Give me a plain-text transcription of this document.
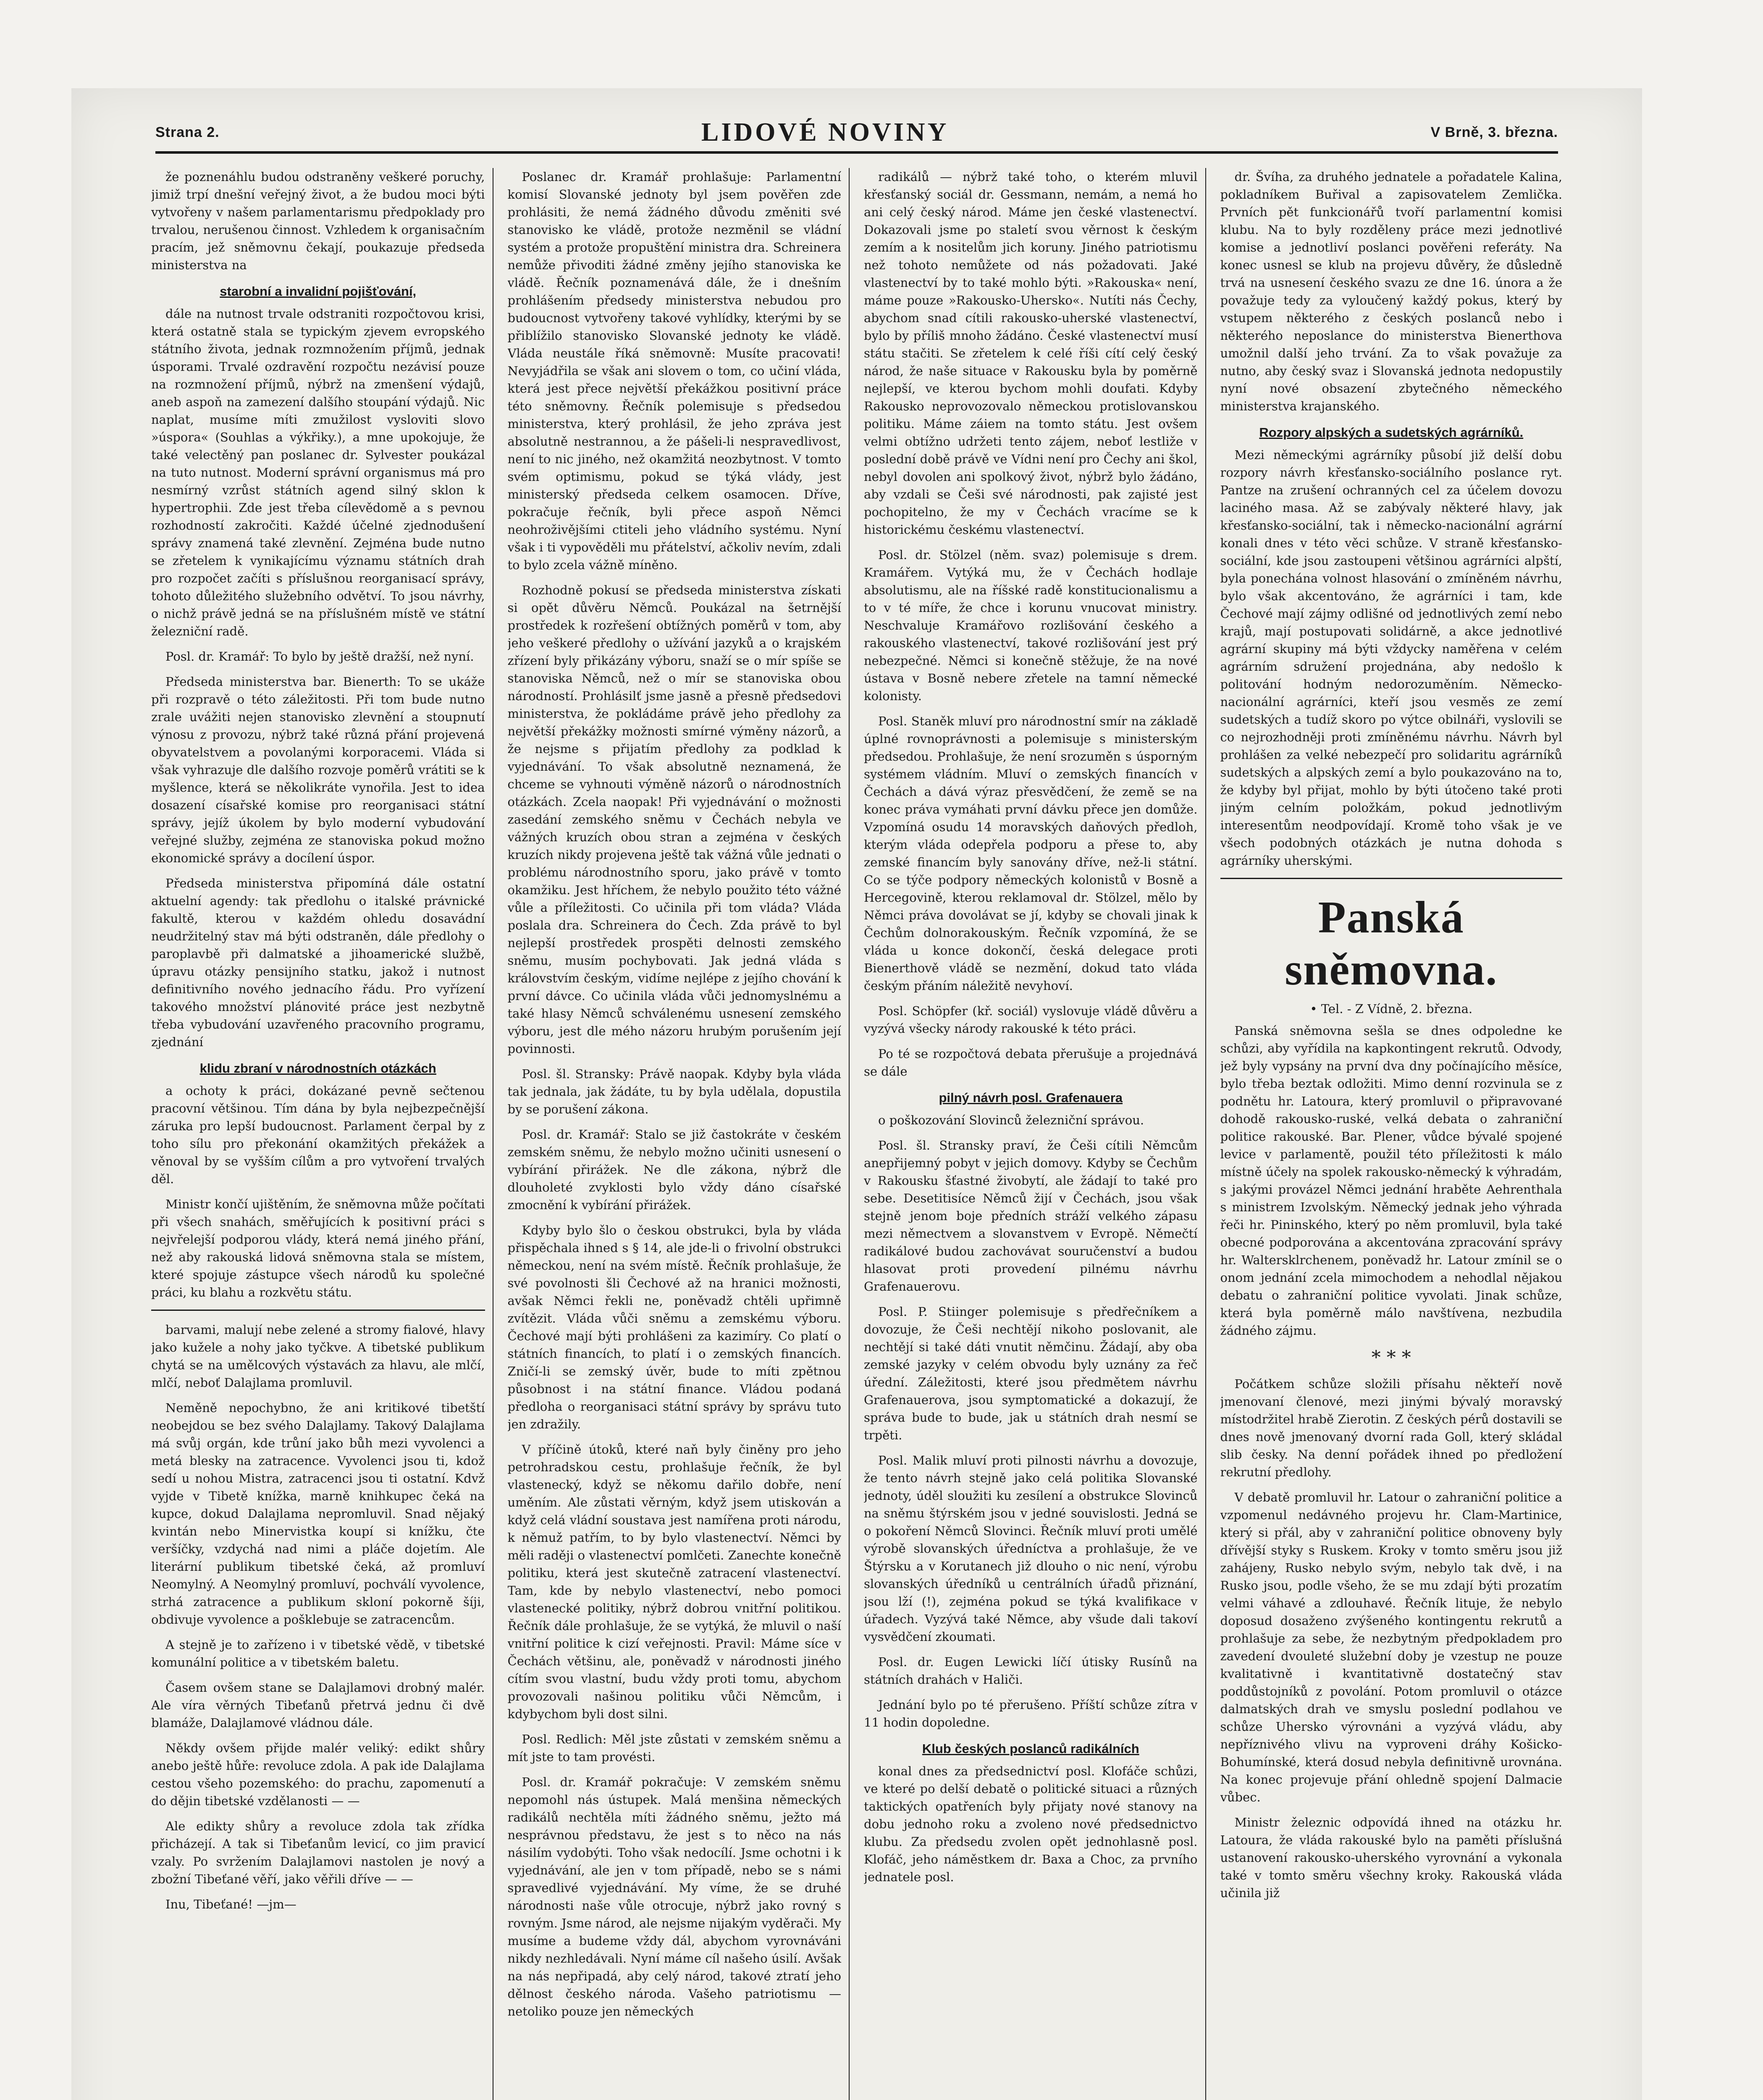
Strana 2.	LIDOVÉ NOVINY	V Brně, 3. března.

že poznenáhlu budou odstraněny veškeré poruchy, jimiž trpí dnešní veřejný život, a že budou moci býti vytvořeny v našem parlamentarismu předpoklady pro trvalou, nerušenou činnost. Vzhledem k organisačním pracím, jež sněmovnu čekají, poukazuje předseda ministerstva na

starobní a invalidní pojišťování,

dále na nutnost trvale odstraniti rozpočtovou krisi, která ostatně stala se typickým zjevem evropského státního života, jednak rozmnožením příjmů, jednak úsporami. Trvalé ozdravění rozpočtu nezávisí pouze na rozmnožení příjmů, nýbrž na zmenšení výdajů, aneb aspoň na zamezení dalšího stoupání výdajů. Nic naplat, musíme míti zmužilost vysloviti slovo »úspora« (Souhlas a výkřiky.), a mne upokojuje, že také velectěný pan poslanec dr. Sylvester poukázal na tuto nutnost. Moderní správní organismus má pro nesmírný vzrůst státních agend silný sklon k hypertrophii. Zde jest třeba cílevědomě a s pevnou rozhodností zakročiti. Každé účelné zjednodušení správy znamená také zlevnění. Zejména bude nutno se zřetelem k vynikajícímu významu státních drah pro rozpočet začíti s příslušnou reorganisací správy, tohoto důležitého služebního odvětví. To jsou návrhy, o nichž právě jedná se na příslušném místě ve státní železniční radě.

Posl. dr. Kramář: To bylo by ještě dražší, než nyní.

Předseda ministerstva bar. Bienerth: To se ukáže při rozpravě o této záležitosti. Při tom bude nutno zrale uvážiti nejen stanovisko zlevnění a stoupnutí výnosu z provozu, nýbrž také různá přání projevená obyvatelstvem a povolanými korporacemi. Vláda si však vyhrazuje dle dalšího rozvoje poměrů vrátiti se k myšlence, která se několikráte vynořila. Jest to idea dosazení císařské komise pro reorganisaci státní správy, jejíž úkolem by bylo moderní vybudování veřejné služby, zejména ze stanoviska pokud možno ekonomické správy a docílení úspor.

Předseda ministerstva připomíná dále ostatní aktuelní agendy: tak předlohu o italské právnické fakultě, kterou v každém ohledu dosavádní neudržitelný stav má býti odstraněn, dále předlohy o paroplavbě při dalmatské a jihoamerické službě, úpravu otázky pensijního statku, jakož i nutnost definitivního nového jednacího řádu. Pro vyřízení takového množství plánovité práce jest nezbytně třeba vybudování uzavřeného pracovního programu, zjednání

klidu zbraní v národnostních otázkách

a ochoty k práci, dokázané pevně sečtenou pracovní většinou. Tím dána by byla nejbezpečnější záruka pro lepší budoucnost. Parlament čerpal by z toho sílu pro překonání okamžitých překážek a věnoval by se vyšším cílům a pro vytvoření trvalých děl.

Ministr končí ujištěním, že sněmovna může počítati při všech snahách, směřujících k positivní práci s nejvřelejší podporou vlády, která nemá jiného přání, než aby rakouská lidová sněmovna stala se místem, které spojuje zástupce všech národů ku společné práci, ku blahu a rozkvětu státu.

barvami, malují nebe zelené a stromy fialové, hlavy jako kužele a nohy jako tyčkve. A tibetské publikum chytá se na umělcových výstavách za hlavu, ale mlčí, mlčí, neboť Dalajlama promluvil.

Neměně nepochybno, že ani kritikové tibetští neobejdou se bez svého Dalajlamy. Takový Dalajlama má svůj orgán, kde trůní jako bůh mezi vyvolenci a metá blesky na zatracence. Vyvolenci jsou ti, kdož sedí u nohou Mistra, zatracenci jsou ti ostatní. Kdvž vyjde v Tibetě knížka, marně knihkupec čeká na kupce, dokud Dalajlama nepromluvil. Snad nějaký kvintán nebo Minervistka koupí si knížku, čte veršíčky, vzdychá nad nimi a pláče dojetím. Ale literární publikum tibetské čeká, až promluví Neomylný. A Neomylný promluví, pochválí vyvolence, strhá zatracence a publikum skloní pokorně šíji, obdivuje vyvolence a pošklebuje se zatracencům.

A stejně je to zařízeno i v tibetské vědě, v tibetské komunální politice a v tibetském baletu.

Časem ovšem stane se Dalajlamovi drobný malér. Ale víra věrných Tibeťanů přetrvá jednu či dvě blamáže, Dalajlamové vládnou dále.

Někdy ovšem přijde malér veliký: edikt shůry anebo ještě hůře: revoluce zdola. A pak ide Dalajlama cestou všeho pozemského: do prachu, zapomenutí a do dějin tibetské vzdělanosti — —

Ale edikty shůry a revoluce zdola tak zřídka přicházejí. A tak si Tibeťanům levicí, co jim pravicí vzaly. Po svržením Dalajlamovi nastolen je nový a zbožní Tibeťané věří, jako věřili dříve — —

Inu, Tibeťané! —jm—

Poslanec dr. Kramář prohlašuje: Parlamentní komisí Slovanské jednoty byl jsem pověřen zde prohlásiti, že nemá žádného důvodu změniti své stanovisko ke vládě, protože nezměnil se vládní systém a protože propuštění ministra dra. Schreinera nemůže přivoditi žádné změny jejího stanoviska ke vládě. Řečník poznamenává dále, že i dnešním prohlášením předsedy ministerstva nebudou pro budoucnost vytvořeny takové vyhlídky, kterými by se přiblížilo stanovisko Slovanské jednoty ke vládě. Vláda neustále říká sněmovně: Musíte pracovati! Nevyjádřila se však ani slovem o tom, co učiní vláda, která jest přece největší překážkou positivní práce této sněmovny. Řečník polemisuje s předsedou ministerstva, který prohlásil, že jeho zpráva jest absolutně nestrannou, a že pášeli-li nespravedlivost, není to nic jiného, než okamžitá neozbytnost. V tomto svém optimismu, pokud se týká vlády, jest ministerský předseda celkem osamocen. Dříve, pokračuje řečník, byli přece aspoň Němci neohroživějšími ctiteli jeho vládního systému. Nyní však i ti vypověděli mu přátelství, ačkoliv nevím, zdali to bylo zcela vážně míněno.

Rozhodně pokusí se předseda ministerstva získati si opět důvěru Němců. Poukázal na šetrnější prostředek k rozřešení obtížných poměrů v tom, aby jeho veškeré předlohy o užívání jazyků a o krajském zřízení byly přikázány výboru, snaží se o mír spíše se stanoviska Němců, než o mír se stanoviska obou národností. Prohlásilť jsme jasně a přesně předsedovi ministerstva, že pokládáme právě jeho předlohy za největší překážky možnosti smírné výměny názorů, a že nejsme s přijatím předlohy za podklad k vyjednávání. To však absolutně neznamená, že chceme se vyhnouti výměně názorů o národnostních otázkách. Zcela naopak! Při vyjednávání o možnosti zasedání zemského sněmu v Čechách nebyla ve vážných kruzích obou stran a zejména v českých kruzích nikdy projevena ještě tak vážná vůle jednati o problému národnostního sporu, jako právě v tomto okamžiku. Jest hříchem, že nebylo použito této vážné vůle a příležitosti. Co učinila při tom vláda? Vláda poslala dra. Schreinera do Čech. Zda právě to byl nejlepší prostředek prospěti delnosti zemského sněmu, musím pochybovati. Jak jedná vláda s královstvím českým, vidíme nejlépe z jejího chování k první dávce. Co učinila vláda vůči jednomyslnému a také hlasy Němců schválenému usnesení zemského výboru, jest dle mého názoru hrubým porušením její povinnosti.

Posl. šl. Stransky: Právě naopak. Kdyby byla vláda tak jednala, jak žádáte, tu by byla udělala, dopustila by se porušení zákona.

Posl. dr. Kramář: Stalo se již častokráte v českém zemském sněmu, že nebylo možno učiniti usnesení o vybírání přirážek. Ne dle zákona, nýbrž dle dlouholeté zvyklosti bylo vždy dáno císařské zmocnění k vybírání přirážek.

Kdyby bylo šlo o českou obstrukci, byla by vláda přispěchala ihned s § 14, ale jde-li o frivolní obstrukci německou, není na svém místě. Řečník prohlašuje, že své povolnosti šli Čechové až na hranici možnosti, avšak Němci řekli ne, poněvadž chtěli upřimně zvítězit. Vláda vůči sněmu a zemskému výboru. Čechové mají býti prohlášeni za kazimíry. Co platí o státních financích, to platí i o zemských financích. Zničí-li se zemský úvěr, bude to míti zpětnou působnost i na státní finance. Vládou podaná předloha o reorganisaci státní správy by správu tuto jen zdražily.

V příčině útoků, které naň byly činěny pro jeho petrohradskou cestu, prohlašuje řečník, že byl vlastenecký, když se někomu dařilo dobře, není uměním. Ale zůstati věrným, když jsem utiskován a když celá vládní soustava jest namířena proti národu, k němuž patřím, to by bylo vlastenectví. Němci by měli raději o vlastenectví pomlčeti. Zanechte konečně politiku, která jest skutečně zatracení vlastenectví. Tam, kde by nebylo vlastenectví, nebo pomoci vlastenecké politiky, nýbrž dobrou vnitřní politikou. Řečník dále prohlašuje, že se vytýká, že mluvil o naší vnitřní politice k cizí veřejnosti. Pravil: Máme síce v Čechách většinu, ale, poněvadž v národnosti jiného cítím svou vlastní, budu vždy proti tomu, abychom provozovali našinou politiku vůči Němcům, i kdybychom byli dost silni.

Posl. Redlich: Měl jste zůstati v zemském sněmu a mít jste to tam provésti.

Posl. dr. Kramář pokračuje: V zemském sněmu nepomohl nás ústupek. Malá menšina německých radikálů nechtěla míti žádného sněmu, ježto má nesprávnou představu, že jest s to něco na nás násilím vydobýti. Toho však nedocílí. Jsme ochotni i k vyjednávání, ale jen v tom případě, nebo se s námi spravedlivé vyjednávání. My víme, že se druhé národnosti naše vůle otrocuje, nýbrž jako rovný s rovným. Jsme národ, ale nejsme nijakým vyděrači. My musíme a budeme vždy dál, abychom vyrovnáváni nikdy nezhledávali. Nyní máme cíl našeho úsilí. Avšak na nás nepřipadá, aby celý národ, takové ztratí jeho dělnost českého národa. Vašeho patriotismu — netoliko pouze jen německých

radikálů — nýbrž také toho, o kterém mluvil křesťanský sociál dr. Gessmann, nemám, a nemá ho ani celý český národ. Máme jen české vlastenectví. Dokazovali jsme po staletí svou věrnost k českým zemím a k nositelům jich koruny. Jiného patriotismu než tohoto nemůžete od nás požadovati. Jaké vlastenectví by to také mohlo býti. »Rakouska« není, máme pouze »Rakousko-Uhersko«. Nutíti nás Čechy, abychom snad cítili rakousko-uherské vlastenectví, bylo by příliš mnoho žádáno. České vlastenectví musí státu stačiti. Se zřetelem k celé říši cítí celý český národ, že naše situace v Rakousku byla by poměrně nejlepší, ve kterou bychom mohli doufati. Kdyby Rakousko neprovozovalo německou protislovanskou politiku. Máme záiem na tomto státu. Jest ovšem velmi obtížno udržeti tento zájem, neboť lestliže v poslední době právě ve Vídni není pro Čechy ani škol, nebyl dovolen ani spolkový život, nýbrž bylo žádáno, aby vzdali se Češi své národnosti, pak zajisté jest pochopitelno, že my v Čechách vracíme se k historickému českému vlastenectví.

Posl. dr. Stölzel (něm. svaz) polemisuje s drem. Kramářem. Vytýká mu, že v Čechách hodlaje absolutismu, ale na říšské radě konstitucionalismu a to v té míře, že chce i korunu vnucovat ministry. Neschvaluje Kramářovo rozlišování českého a rakouského vlastenectví, takové rozlišování jest prý nebezpečné. Němci si konečně stěžuje, že na nové ústava v Bosně nebere zřetele na tamní německé kolonisty.

Posl. Staněk mluví pro národnostní smír na základě úplné rovnoprávnosti a polemisuje s ministerským předsedou. Prohlašuje, že není srozuměn s úsporným systémem vládním. Mluví o zemských financích v Čechách a dává výraz přesvědčení, že země se na konec práva vymáhati první dávku přece jen domůže. Vzpomíná osudu 14 moravských daňových předloh, kterým vláda odepřela podporu a přese to, aby zemské financím byly sanovány dříve, než-li státní. Co se týče podpory německých kolonistů v Bosně a Hercegovině, kterou reklamoval dr. Stölzel, mělo by Němci práva dovolávat se jí, kdyby se chovali jinak k Čechům dolnorakouským. Řečník vzpomíná, že se vláda u konce dokončí, česká delegace proti Bienerthově vládě se nezmění, dokud tato vláda českým přáním náležitě nevyhoví.

Posl. Schöpfer (kř. sociál) vyslovuje vládě důvěru a vyzývá všecky národy rakouské k této práci.

Po té se rozpočtová debata přerušuje a projednává se dále

pilný návrh posl. Grafenauera

o poškozování Slovinců železniční správou.

Posl. šl. Stransky praví, že Češi cítili Němcům anepřijemný pobyt v jejich domovy. Kdyby se Čechům v Rakousku šťastné živobytí, ale žádají to také pro sebe. Desetitisíce Němců žijí v Čechách, jsou však stejně jenom boje předních stráží velkého zápasu mezi němectvem a slovanstvem v Evropě. Němečtí radikálové budou zachovávat souručenství a budou hlasovat proti provedení pilnému návrhu Grafenauerovu.

Posl. P. Stiinger polemisuje s předřečníkem a dovozuje, že Češi nechtějí nikoho poslovanit, ale nechtějí si také dáti vnutit němčinu. Žádají, aby oba zemské jazyky v celém obvodu byly uznány za řeč úřední. Záležitosti, které jsou předmětem návrhu Grafenauerova, jsou symptomatické a dokazují, že správa bude to bude, jak u státních drah nesmí se trpěti.

Posl. Malik mluví proti pilnosti návrhu a dovozuje, že tento návrh stejně jako celá politika Slovanské jednoty, úděl sloužiti ku zesílení a obstrukce Slovinců na sněmu štýrském jsou v jedné souvislosti. Jedná se o pokoření Němců Slovinci. Řečník mluví proti umělé výrobě slovanských úředníctva a prohlašuje, že ve Štýrsku a v Korutanech již dlouho o nic není, výrobu slovanských úředníků u centrálních úřadů přiznání, jsou lží (!), zejména pokud se týká kvalifikace v úřadech. Vyzývá také Němce, aby všude dali takoví vysvědčení zkoumati.

Posl. dr. Eugen Lewicki líčí útisky Rusínů na státních drahách v Haliči.

Jednání bylo po té přerušeno. Příští schůze zítra v 11 hodin dopoledne.

Klub českých poslanců radikálních

konal dnes za předsednictví posl. Klofáče schůzi, ve které po delší debatě o politické situaci a různých taktických opatřeních byly přijaty nové stanovy na dobu jednoho roku a zvoleno nové předsednictvo klubu. Za předsedu zvolen opět jednohlasně posl. Klofáč, jeho náměstkem dr. Baxa a Choc, za prvního jednatele posl.

dr. Švíha, za druhého jednatele a pořadatele Kalina, pokladníkem Buřival a zapisovatelem Zemlička. Prvních pět funkcionářů tvoří parlamentní komisi klubu. Na to byly rozděleny práce mezi jednotlivé komise a jednotliví poslanci pověřeni referáty. Na konec usnesl se klub na projevu důvěry, že důsledně trvá na usnesení českého svazu ze dne 16. února a že považuje tedy za vyloučený každý pokus, který by vstupem některého z českých poslanců nebo i některého neposlance do ministerstva Bienerthova umožnil další jeho trvání. Za to však považuje za nutno, aby český svaz i Slovanská jednota nedopustily nyní nové obsazení zbytečného německého ministerstva krajanského.

Rozpory alpských a sudetských agrárníků.

Mezi německými agrárníky působí již delší dobu rozpory návrh křesťansko-sociálního poslance ryt. Pantze na zrušení ochranných cel za účelem dovozu laciného masa. Až se zabývaly některé hlavy, jak křesťansko-sociální, tak i německo-nacionální agrární konali dnes v této věci schůze. V straně křesťansko-sociální, kde jsou zastoupeni většinou agrárníci alpští, byla ponechána volnost hlasování o zmíněném návrhu, bylo však akcentováno, že agrárníci i tam, kde Čechové mají zájmy odlišné od jednotlivých zemí nebo krajů, mají postupovati solidárně, a akce jednotlivé agrární skupiny má býti vždycky naměřena v celém agrárním sdružení projednána, aby nedošlo k politování hodným nedorozuměním. Německo-nacionální agrárníci, kteří jsou vesměs ze zemí sudetských a tudíž skoro po výtce obilnáři, vyslovili se co nejrozhodněji proti zmíněnému návrhu. Návrh byl prohlášen za velké nebezpečí pro solidaritu agrárníků sudetských a alpských zemí a bylo poukazováno na to, že kdyby byl přijat, mohlo by býti útočeno také proti jiným celním položkám, pokud jednotlivým interesentům neodpovídají. Kromě toho však je ve všech podobných otázkách je nutna dohoda s agrárníky uherskými.

Panská sněmovna.
• Tel. - Z Vídně, 2. března.

Panská sněmovna sešla se dnes odpoledne ke schůzi, aby vyřídila na kapkontingent rekrutů. Odvody, jež byly vypsány na první dva dny počínajícího měsíce, bylo třeba beztak odložiti. Mimo denní rozvinula se z podnětu hr. Latoura, který promluvil o připravované dohodě rakousko-ruské, velká debata o zahraniční politice rakouské. Bar. Plener, vůdce bývalé spojené levice v parlamentě, použil této příležitosti k málo místně účely na spolek rakousko-německý k výhradám, s jakými provázel Němci jednání hraběte Aehrenthala s ministrem Izvolským. Německý jednak jeho výhrada řeči hr. Pininského, který po něm promluvil, byla také obecné podporována a akcentována zpracování správy hr. Waltersklrchenem, poněvadž hr. Latour zmínil se o onom jednání zcela mimochodem a nehodlal nějakou debatu o zahraniční politice vyvolati. Jinak schůze, která byla poměrně málo navštívena, nezbudila žádného zájmu.

* * *

Počátkem schůze složili přísahu někteří nově jmenovaní členové, mezi jinými bývalý moravský místodržitel hrabě Zierotin. Z českých pérů dostavili se dnes nově jmenovaný dvorní rada Goll, který skládal slib česky. Na denní pořádek ihned po předložení rekrutní předlohy.

V debatě promluvil hr. Latour o zahraniční politice a vzpomenul nedávného projevu hr. Clam-Martinice, který si přál, aby v zahraniční politice obnoveny byly dřívější styky s Ruskem. Kroky v tomto směru jsou již zahájeny, Rusko nebylo svým, nebylo tak dvě, i na Rusko jsou, podle všeho, že se mu zdají býti prozatím velmi váhavé a zdlouhavé. Řečník lituje, že nebylo doposud dosaženo zvýšeného kontingentu rekrutů a prohlašuje za sebe, že nezbytným předpokladem pro zavedení dvouleté služební doby je vzestup ne pouze kvalitativně i kvantitativně dostatečný stav poddůstojníků z povolání. Potom promluvil o otázce dalmatských drah ve smyslu poslední podlahou ve schůze Uhersko výrovnáni a vyzývá vládu, aby nepříznivého vlivu na vyproveni dráhy Košicko-Bohumínské, která dosud nebyla definitivně urovnána. Na konec projevuje přání ohledně spojení Dalmacie vůbec.

Ministr železnic odpovídá ihned na otázku hr. Latoura, že vláda rakouské bylo na paměti příslušná ustanovení rakousko-uherského vyrovnání a vykonala také v tomto směru všechny kroky. Rakouská vláda učinila již
